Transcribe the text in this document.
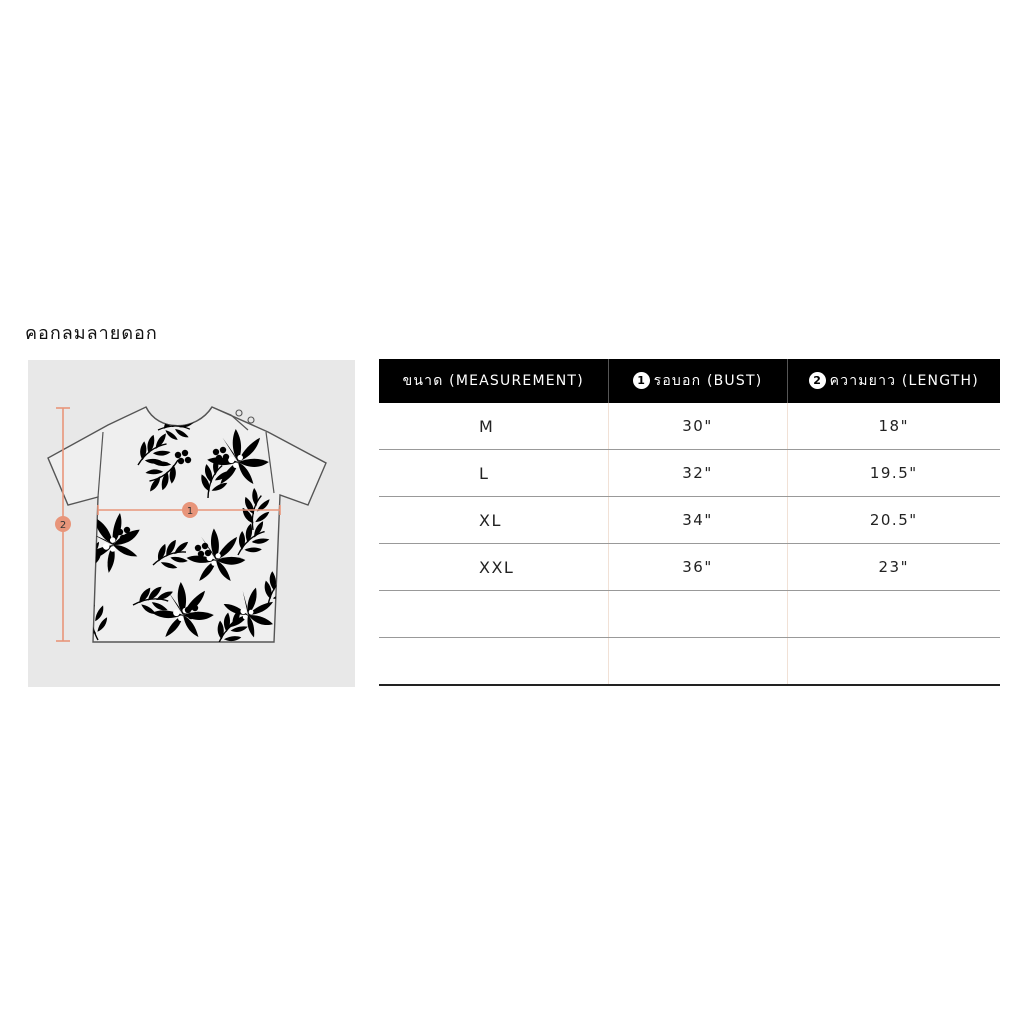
คอกลมลายดอก
2
1
ขนาด (MEASUREMENT)	1 รอบอก (BUST)	2 ความยาว (LENGTH)
M	30"	18"
L	32"	19.5"
XL	34"	20.5"
XXL	36"	23"
